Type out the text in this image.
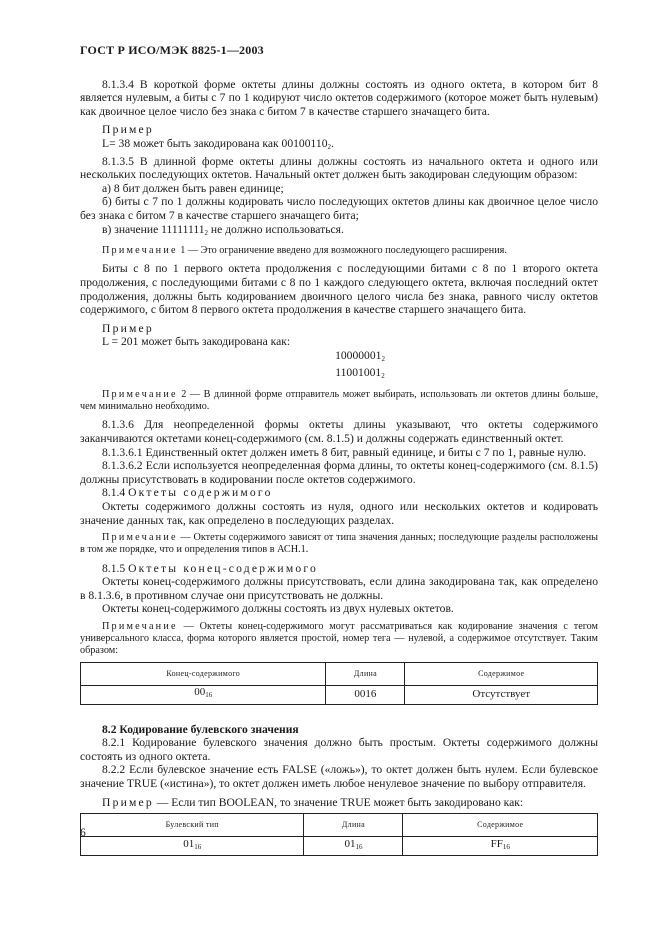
ГОСТ Р ИСО/МЭК 8825-1—2003

8.1.3.4 В короткой форме октеты длины должны состоять из одного октета, в котором бит 8 является нулевым, а биты с 7 по 1 кодируют число октетов содержимого (которое может быть нулевым) как двоичное целое число без знака с битом 7 в качестве старшего значащего бита.

Пример

L= 38 может быть закодирована как $00100110_2$.

8.1.3.5 В длинной форме октеты длины должны состоять из начального октета и одного или нескольких последующих октетов. Начальный октет должен быть закодирован следующим образом:

а) 8 бит должен быть равен единице;

б) биты с 7 по 1 должны кодировать число последующих октетов длины как двоичное целое число без знака с битом 7 в качестве старшего значащего бита;

в) значение $11111111_2$ не должно использоваться.

Примечание 1 — Это ограничение введено для возможного последующего расширения.

Биты с 8 по 1 первого октета продолжения с последующими битами с 8 по 1 второго октета продолжения, с последующими битами с 8 по 1 каждого следующего октета, включая последний октет продолжения, должны быть кодированием двоичного целого числа без знака, равного числу октетов содержимого, с битом 8 первого октета продолжения в качестве старшего значащего бита.

Пример

L = 201 может быть закодирована как:

$10000001_2$

$11001001_2$

Примечание 2 — В длинной форме отправитель может выбирать, использовать ли октетов длины больше, чем минимально необходимо.

8.1.3.6 Для неопределенной формы октеты длины указывают, что октеты содержимого заканчиваются октетами конец-содержимого (см. 8.1.5) и должны содержать единственный октет.

8.1.3.6.1 Единственный октет должен иметь 8 бит, равный единице, и биты с 7 по 1, равные нулю.

8.1.3.6.2 Если используется неопределенная форма длины, то октеты конец-содержимого (см. 8.1.5) должны присутствовать в кодировании после октетов содержимого.

8.1.4 Октеты содержимого

Октеты содержимого должны состоять из нуля, одного или нескольких октетов и кодировать значение данных так, как определено в последующих разделах.

Примечание — Октеты содержимого зависят от типа значения данных; последующие разделы расположены в том же порядке, что и определения типов в АСН.1.

8.1.5 Октеты конец-содержимого

Октеты конец-содержимого должны присутствовать, если длина закодирована так, как определено в 8.1.3.6, в противном случае они присутствовать не должны.

Октеты конец-содержимого должны состоять из двух нулевых октетов.

Примечание — Октеты конец-содержимого могут рассматриваться как кодирование значения с тегом универсального класса, форма которого является простой, номер тега — нулевой, а содержимое отсутствует. Таким образом:

Конец-содержимого	Длина	Содержимое
$00_{16}$	0016	Отсутствует

8.2 Кодирование булевского значения

8.2.1 Кодирование булевского значения должно быть простым. Октеты содержимого должны состоять из одного октета.

8.2.2 Если булевское значение есть FALSE («ложь»), то октет должен быть нулем. Если булевское значение TRUE («истина»), то октет должен иметь любое ненулевое значение по выбору отправителя.

Пример — Если тип BOOLEAN, то значение TRUE может быть закодировано как:

Булевский тип	Длина	Содержимое
$01_{16}$	$01_{16}$	$FF_{16}$
6
